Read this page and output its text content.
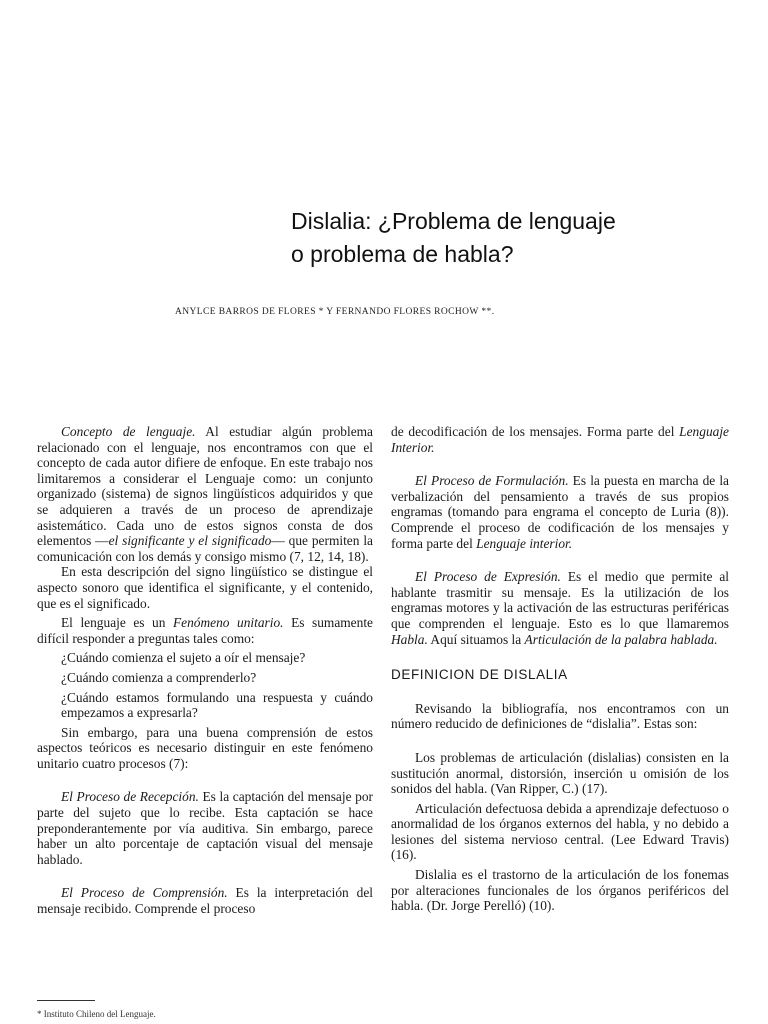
Dislalia: ¿Problema de lenguaje
o problema de habla?
ANYLCE BARROS DE FLORES * Y FERNANDO FLORES ROCHOW **.

Concepto de lenguaje. Al estudiar algún problema relacionado con el lenguaje, nos encontramos con que el concepto de cada autor difiere de enfoque. En este trabajo nos limitaremos a considerar el Lenguaje como: un conjunto organizado (sistema) de signos lingüísticos adquiridos y que se adquieren a través de un proceso de aprendizaje asistemático. Cada uno de estos signos consta de dos elementos —el significante y el significado— que permiten la comunicación con los demás y consigo mismo (7, 12, 14, 18).

En esta descripción del signo lingüístico se distingue el aspecto sonoro que identifica el significante, y el contenido, que es el significado.

El lenguaje es un Fenómeno unitario. Es sumamente difícil responder a preguntas tales como:

¿Cuándo comienza el sujeto a oír el mensaje?

¿Cuándo comienza a comprenderlo?

¿Cuándo estamos formulando una respuesta y cuándo empezamos a expresarla?

Sin embargo, para una buena comprensión de estos aspectos teóricos es necesario distinguir en este fenómeno unitario cuatro procesos (7):

El Proceso de Recepción. Es la captación del mensaje por parte del sujeto que lo recibe. Esta captación se hace preponderantemente por vía auditiva. Sin embargo, parece haber un alto porcentaje de captación visual del mensaje hablado.

El Proceso de Comprensión. Es la interpretación del mensaje recibido. Comprende el proceso

de decodificación de los mensajes. Forma parte del Lenguaje Interior.

El Proceso de Formulación. Es la puesta en marcha de la verbalización del pensamiento a través de sus propios engramas (tomando para engrama el concepto de Luria (8)). Comprende el proceso de codificación de los mensajes y forma parte del Lenguaje interior.

El Proceso de Expresión. Es el medio que permite al hablante trasmitir su mensaje. Es la utilización de los engramas motores y la activación de las estructuras periféricas que comprenden el lenguaje. Esto es lo que llamaremos Habla. Aquí situamos la Articulación de la palabra hablada.

DEFINICION DE DISLALIA

Revisando la bibliografía, nos encontramos con un número reducido de definiciones de “dislalia”. Estas son:

Los problemas de articulación (dislalias) consisten en la sustitución anormal, distorsión, inserción u omisión de los sonidos del habla. (Van Ripper, C.) (17).

Articulación defectuosa debida a aprendizaje defectuoso o anormalidad de los órganos externos del habla, y no debido a lesiones del sistema nervioso central. (Lee Edward Travis) (16).

Dislalia es el trastorno de la articulación de los fonemas por alteraciones funcionales de los órganos periféricos del habla. (Dr. Jorge Perelló) (10).

* Instituto Chileno del Lenguaje.
